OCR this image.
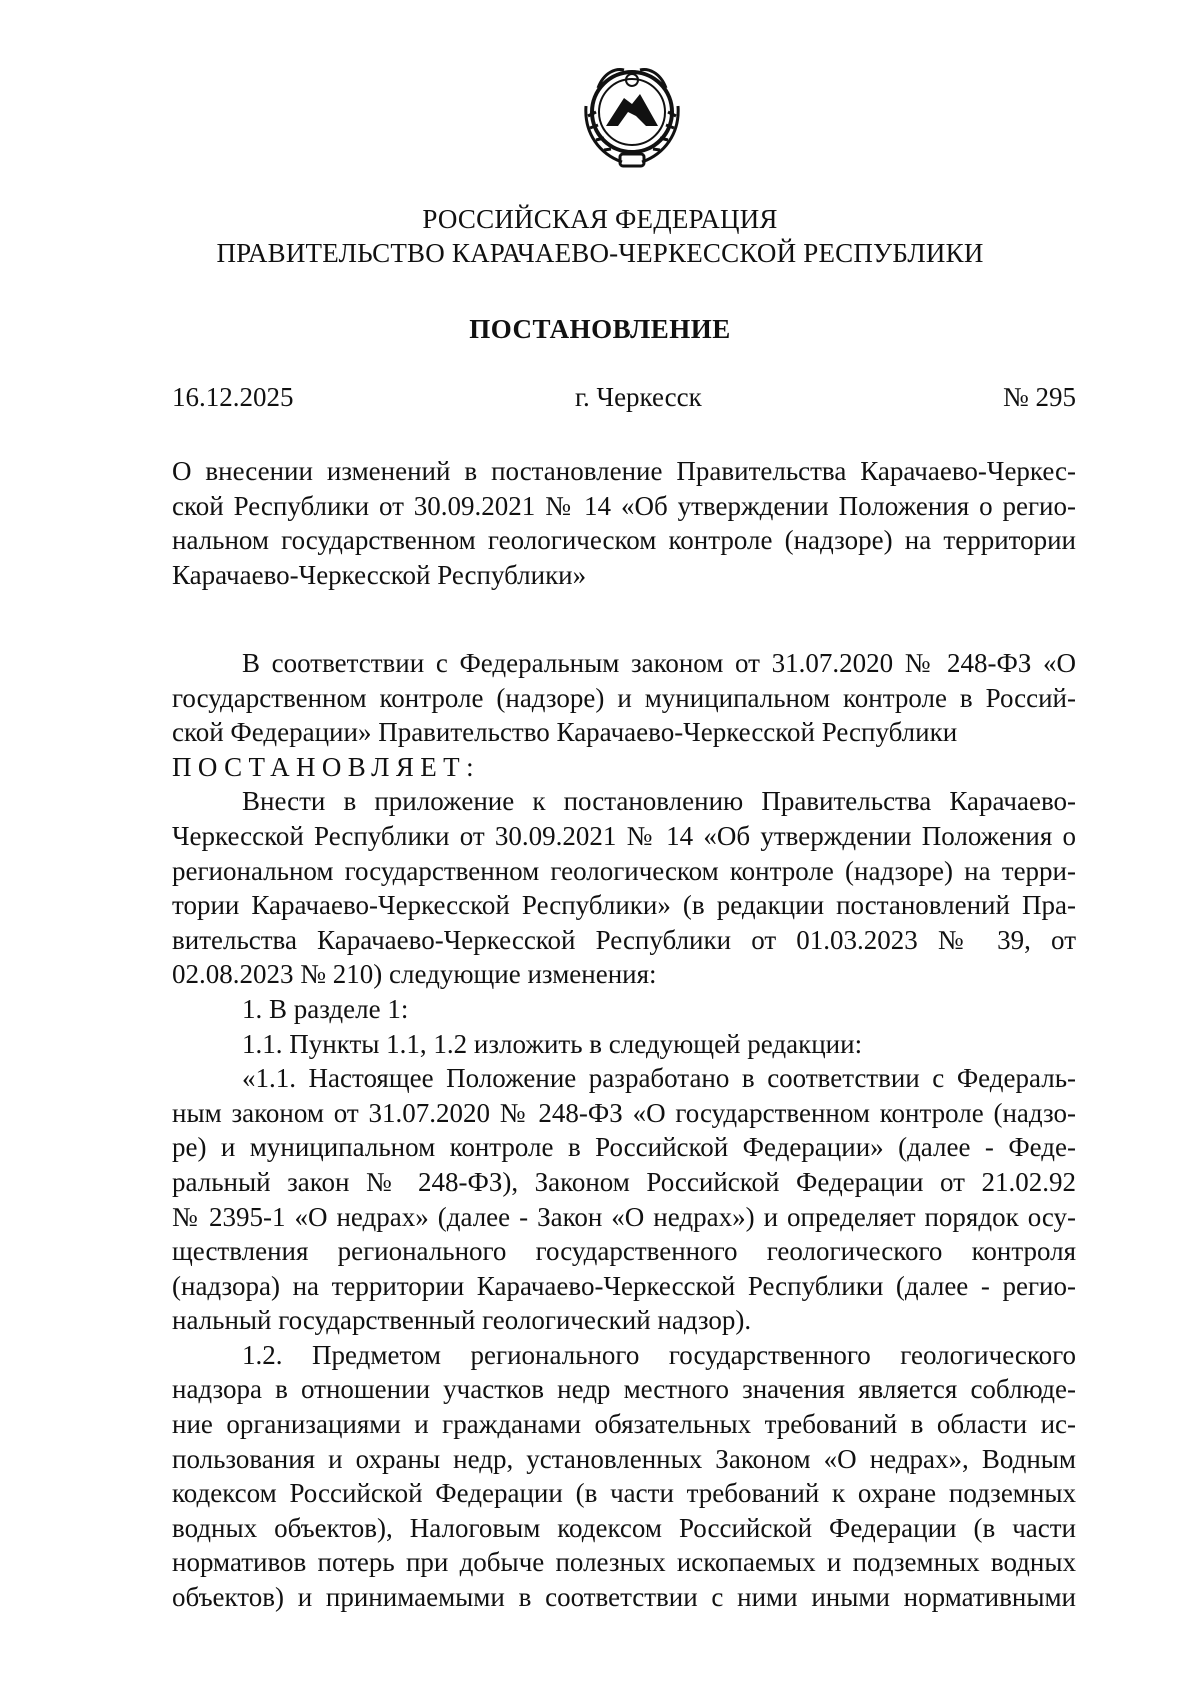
РОССИЙСКАЯ ФЕДЕРАЦИЯ
ПРАВИТЕЛЬСТВО КАРАЧАЕВО-ЧЕРКЕССКОЙ РЕСПУБЛИКИ
ПОСТАНОВЛЕНИЕ
16.12.2025	г. Черкесск	№ 295
О внесении изменений в постановление Правительства Карачаево-Черкес-
ской Республики от 30.09.2021 № 14 «Об утверждении Положения о регио-
нальном государственном геологическом контроле (надзоре) на территории
Карачаево-Черкесской Республики»
В соответствии с Федеральным законом от 31.07.2020 № 248-ФЗ «О
государственном контроле (надзоре) и муниципальном контроле в Россий-
ской Федерации» Правительство Карачаево-Черкесской Республики
ПОСТАНОВЛЯЕТ:
Внести в приложение к постановлению Правительства Карачаево-
Черкесской Республики от 30.09.2021 № 14 «Об утверждении Положения о
региональном государственном геологическом контроле (надзоре) на терри-
тории Карачаево-Черкесской Республики» (в редакции постановлений Пра-
вительства Карачаево-Черкесской Республики от 01.03.2023 № 39, от
02.08.2023 № 210) следующие изменения:
1. В разделе 1:
1.1. Пункты 1.1, 1.2 изложить в следующей редакции:
«1.1. Настоящее Положение разработано в соответствии с Федераль-
ным законом от 31.07.2020 № 248-ФЗ «О государственном контроле (надзо-
ре) и муниципальном контроле в Российской Федерации» (далее - Феде-
ральный закон № 248-ФЗ), Законом Российской Федерации от 21.02.92
№ 2395-1 «О недрах» (далее - Закон «О недрах») и определяет порядок осу-
ществления регионального государственного геологического контроля
(надзора) на территории Карачаево-Черкесской Республики (далее - регио-
нальный государственный геологический надзор).
1.2. Предметом регионального государственного геологического
надзора в отношении участков недр местного значения является соблюде-
ние организациями и гражданами обязательных требований в области ис-
пользования и охраны недр, установленных Законом «О недрах», Водным
кодексом Российской Федерации (в части требований к охране подземных
водных объектов), Налоговым кодексом Российской Федерации (в части
нормативов потерь при добыче полезных ископаемых и подземных водных
объектов) и принимаемыми в соответствии с ними иными нормативными
